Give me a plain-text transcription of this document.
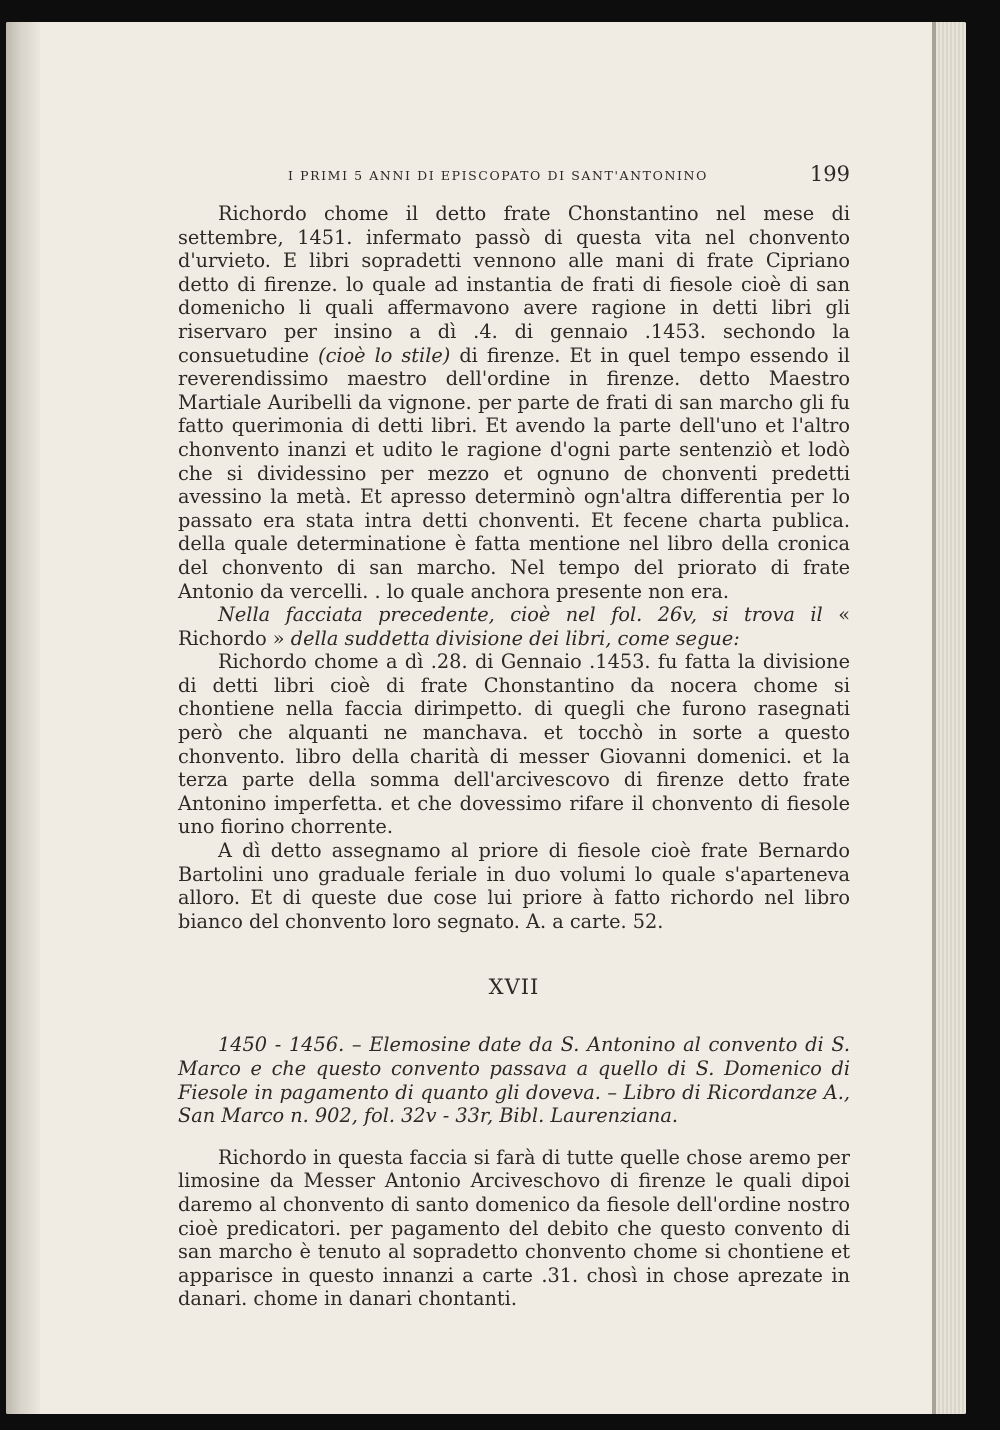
I PRIMI 5 ANNI DI EPISCOPATO DI SANT'ANTONINO	199

Richordo chome il detto frate Chonstantino nel mese di settembre, 1451. infermato passò di questa vita nel chonvento d'urvieto. E libri sopradetti vennono alle mani di frate Cipriano detto di firenze. lo quale ad instantia de frati di fiesole cioè di san domenicho li quali affermavono avere ragione in detti libri gli riservaro per insino a dì .4. di gennaio .1453. sechondo la consuetudine (cioè lo stile) di firenze. Et in quel tempo essendo il reverendissimo maestro dell'ordine in firenze. detto Maestro Martiale Auribelli da vignone. per parte de frati di san marcho gli fu fatto querimonia di detti libri. Et avendo la parte dell'uno et l'altro chonvento inanzi et udito le ragione d'ogni parte sentenziò et lodò che si dividessino per mezzo et ognuno de chonventi predetti avessino la metà. Et apresso determinò ogn'altra differentia per lo passato era stata intra detti chonventi. Et fecene charta publica. della quale determinatione è fatta mentione nel libro della cronica del chonvento di san marcho. Nel tempo del priorato di frate Antonio da vercelli. . lo quale anchora presente non era.

Nella facciata precedente, cioè nel fol. 26v, si trova il « Richordo » della suddetta divisione dei libri, come segue:

Richordo chome a dì .28. di Gennaio .1453. fu fatta la divisione di detti libri cioè di frate Chonstantino da nocera chome si chontiene nella faccia dirimpetto. di quegli che furono rasegnati però che alquanti ne manchava. et tocchò in sorte a questo chonvento. libro della charità di messer Giovanni domenici. et la terza parte della somma dell'arcivescovo di firenze detto frate Antonino imperfetta. et che dovessimo rifare il chonvento di fiesole uno fiorino chorrente.

A dì detto assegnamo al priore di fiesole cioè frate Bernardo Bartolini uno graduale feriale in duo volumi lo quale s'aparteneva alloro. Et di queste due cose lui priore à fatto richordo nel libro bianco del chonvento loro segnato. A. a carte. 52.

XVII

1450 - 1456. – Elemosine date da S. Antonino al convento di S. Marco e che questo convento passava a quello di S. Domenico di Fiesole in pagamento di quanto gli doveva. – Libro di Ricordanze A., San Marco n. 902, fol. 32v - 33r, Bibl. Laurenziana.

Richordo in questa faccia si farà di tutte quelle chose aremo per limosine da Messer Antonio Arciveschovo di firenze le quali dipoi daremo al chonvento di santo domenico da fiesole dell'ordine nostro cioè predicatori. per pagamento del debito che questo convento di san marcho è tenuto al sopradetto chonvento chome si chontiene et apparisce in questo innanzi a carte .31. chosì in chose aprezate in danari. chome in danari chontanti.
